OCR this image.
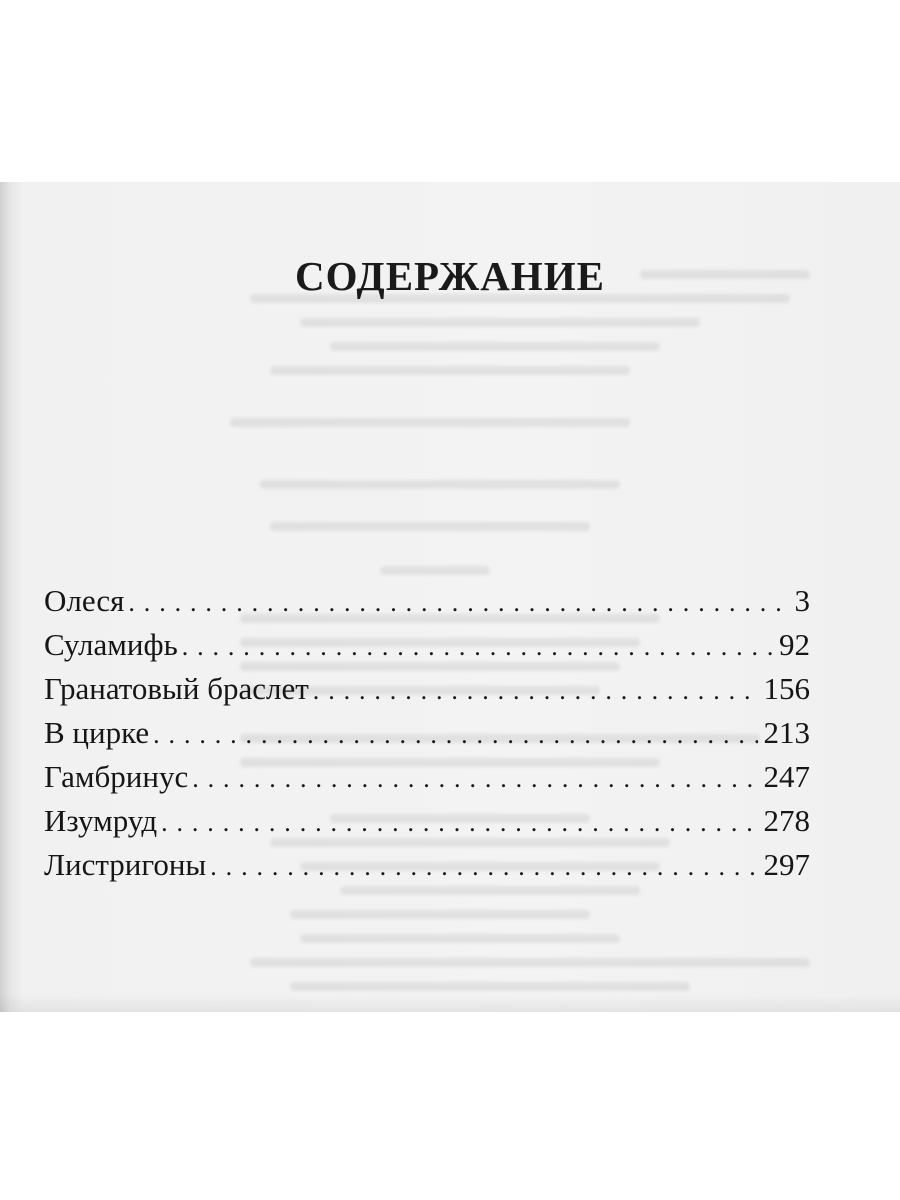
СОДЕРЖАНИЕ
Олеся . . .	3
Суламифь . . .	92
Гранатовый браслет . . .	156
В цирке . . .	213
Гамбринус . . .	247
Изумруд . . .	278
Листригоны . . .	297
